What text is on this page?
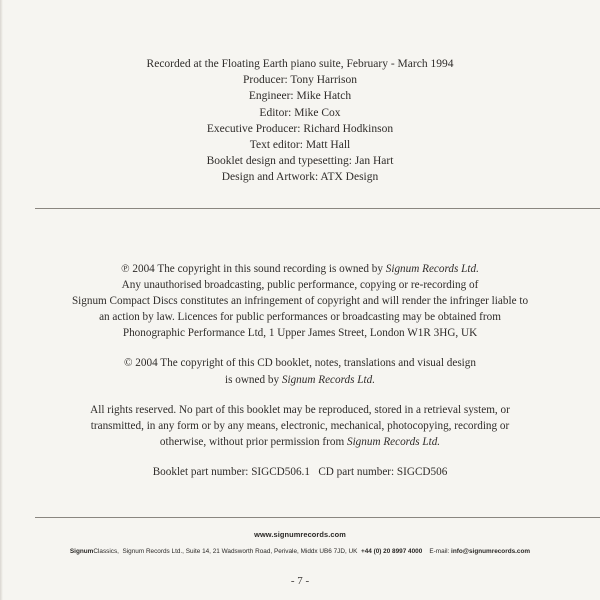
Recorded at the Floating Earth piano suite, February - March 1994
Producer: Tony Harrison
Engineer: Mike Hatch
Editor: Mike Cox
Executive Producer: Richard Hodkinson
Text editor: Matt Hall
Booklet design and typesetting: Jan Hart
Design and Artwork: ATX Design
℗ 2004 The copyright in this sound recording is owned by Signum Records Ltd.
Any unauthorised broadcasting, public performance, copying or re-recording of
Signum Compact Discs constitutes an infringement of copyright and will render the infringer liable to
an action by law. Licences for public performances or broadcasting may be obtained from
Phonographic Performance Ltd, 1 Upper James Street, London W1R 3HG, UK
© 2004 The copyright of this CD booklet, notes, translations and visual design
is owned by Signum Records Ltd.
All rights reserved. No part of this booklet may be reproduced, stored in a retrieval system, or
transmitted, in any form or by any means, electronic, mechanical, photocopying, recording or
otherwise, without prior permission from Signum Records Ltd.
Booklet part number: SIGCD506.1   CD part number: SIGCD506
www.signumrecords.com
SignumClassics, Signum Records Ltd., Suite 14, 21 Wadsworth Road, Perivale, Middx UB6 7JD, UK +44 (0) 20 8997 4000 E-mail: info@signumrecords.com
- 7 -
